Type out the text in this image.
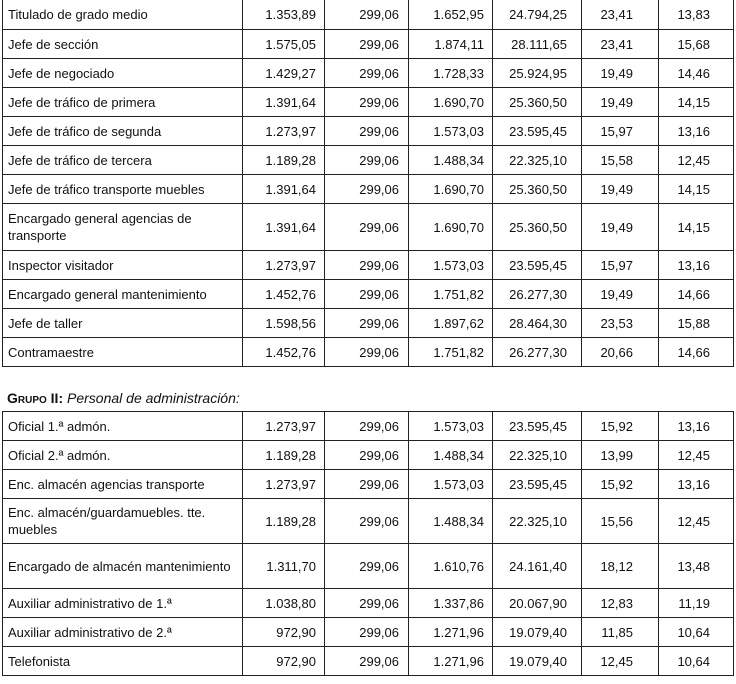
Titulado de grado medio	1.353,89	299,06	1.652,95	24.794,25	23,41	13,83
Jefe de sección	1.575,05	299,06	1.874,11	28.111,65	23,41	15,68
Jefe de negociado	1.429,27	299,06	1.728,33	25.924,95	19,49	14,46
Jefe de tráfico de primera	1.391,64	299,06	1.690,70	25.360,50	19,49	14,15
Jefe de tráfico de segunda	1.273,97	299,06	1.573,03	23.595,45	15,97	13,16
Jefe de tráfico de tercera	1.189,28	299,06	1.488,34	22.325,10	15,58	12,45
Jefe de tráfico transporte muebles	1.391,64	299,06	1.690,70	25.360,50	19,49	14,15
Encargado general agencias de transporte	1.391,64	299,06	1.690,70	25.360,50	19,49	14,15
Inspector visitador	1.273,97	299,06	1.573,03	23.595,45	15,97	13,16
Encargado general mantenimiento	1.452,76	299,06	1.751,82	26.277,30	19,49	14,66
Jefe de taller	1.598,56	299,06	1.897,62	28.464,30	23,53	15,88
Contramaestre	1.452,76	299,06	1.751,82	26.277,30	20,66	14,66
Grupo II: Personal de administración:
Oficial 1.ª admón.	1.273,97	299,06	1.573,03	23.595,45	15,92	13,16
Oficial 2.ª admón.	1.189,28	299,06	1.488,34	22.325,10	13,99	12,45
Enc. almacén agencias transporte	1.273,97	299,06	1.573,03	23.595,45	15,92	13,16
Enc. almacén/guardamuebles. tte. muebles	1.189,28	299,06	1.488,34	22.325,10	15,56	12,45
Encargado de almacén mantenimiento	1.311,70	299,06	1.610,76	24.161,40	18,12	13,48
Auxiliar administrativo de 1.ª	1.038,80	299,06	1.337,86	20.067,90	12,83	11,19
Auxiliar administrativo de 2.ª	972,90	299,06	1.271,96	19.079,40	11,85	10,64
Telefonista	972,90	299,06	1.271,96	19.079,40	12,45	10,64
